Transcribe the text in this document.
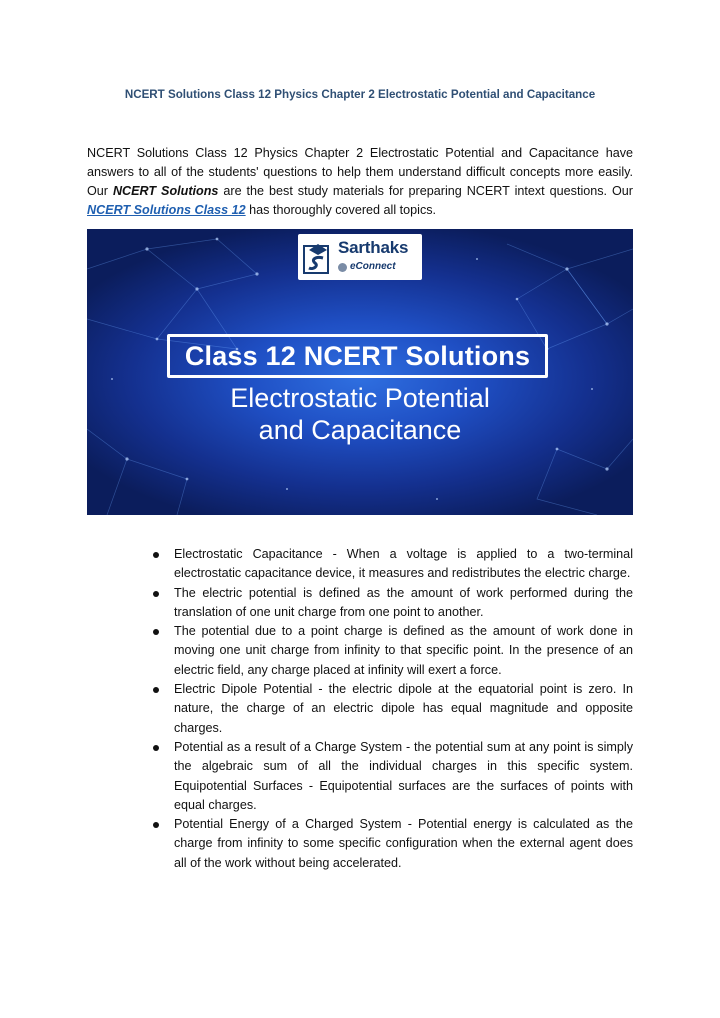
NCERT Solutions Class 12 Physics Chapter 2 Electrostatic Potential and Capacitance

NCERT Solutions Class 12 Physics Chapter 2 Electrostatic Potential and Capacitance have answers to all of the students' questions to help them understand difficult concepts more easily. Our NCERT Solutions are the best study materials for preparing NCERT intext questions. Our NCERT Solutions Class 12 has thoroughly covered all topics.

Sarthaks
eConnect
Class 12 NCERT Solutions
Electrostatic Potential
and Capacitance
Electrostatic Capacitance - When a voltage is applied to a two-terminal electrostatic capacitance device, it measures and redistributes the electric charge.
The electric potential is defined as the amount of work performed during the translation of one unit charge from one point to another.
The potential due to a point charge is defined as the amount of work done in moving one unit charge from infinity to that specific point. In the presence of an electric field, any charge placed at infinity will exert a force.
Electric Dipole Potential - the electric dipole at the equatorial point is zero. In nature, the charge of an electric dipole has equal magnitude and opposite charges.
Potential as a result of a Charge System - the potential sum at any point is simply the algebraic sum of all the individual charges in this specific system. Equipotential Surfaces - Equipotential surfaces are the surfaces of points with equal charges.
Potential Energy of a Charged System - Potential energy is calculated as the charge from infinity to some specific configuration when the external agent does all of the work without being accelerated.
